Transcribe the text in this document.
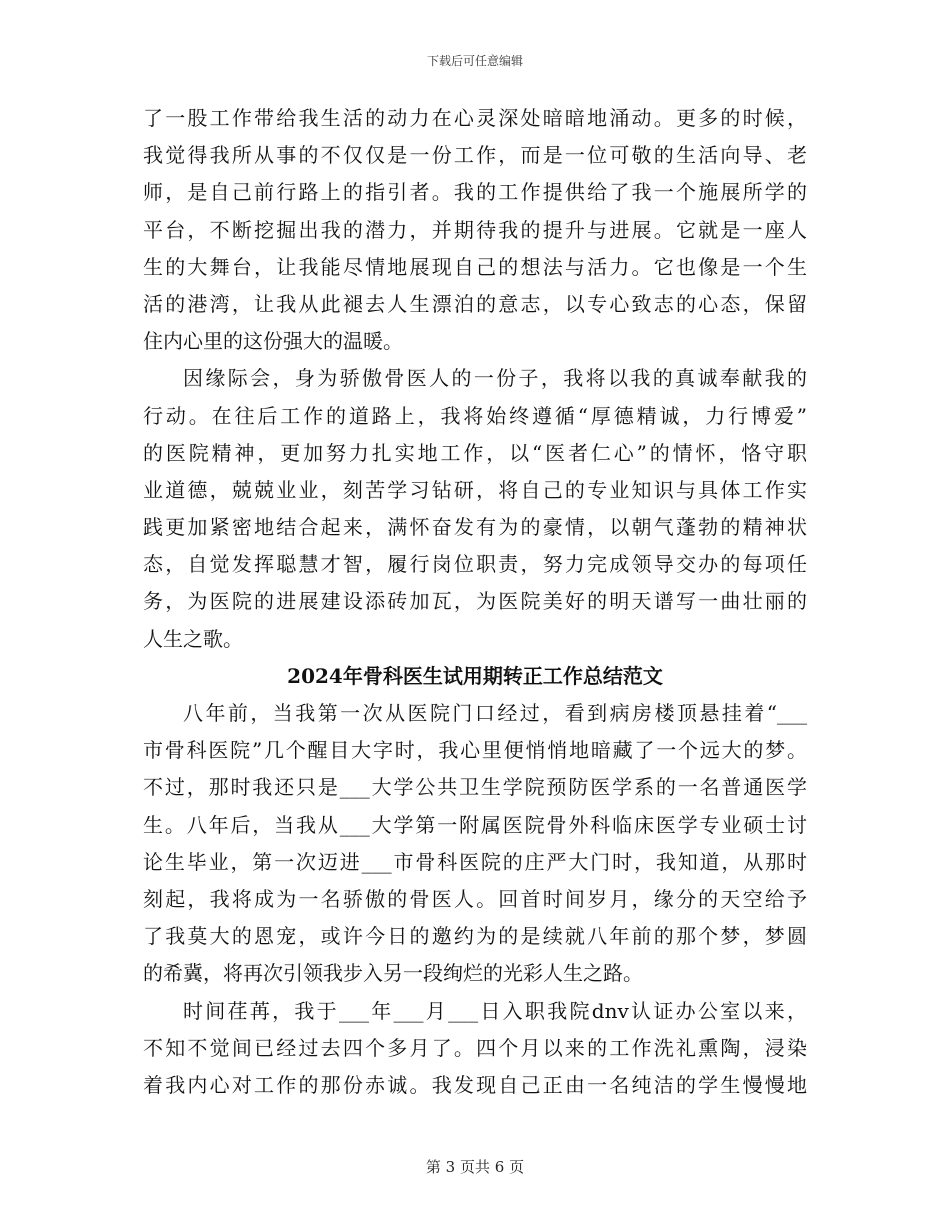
下载后可任意编辑
了一股工作带给我生活的动力在心灵深处暗暗地涌动。更多的时候，
我觉得我所从事的不仅仅是一份工作，而是一位可敬的生活向导、老
师，是自己前行路上的指引者。我的工作提供给了我一个施展所学的
平台，不断挖掘出我的潜力，并期待我的提升与进展。它就是一座人
生的大舞台，让我能尽情地展现自己的想法与活力。它也像是一个生
活的港湾，让我从此褪去人生漂泊的意志，以专心致志的心态，保留
住内心里的这份强大的温暖。
因缘际会，身为骄傲骨医人的一份子，我将以我的真诚奉献我的
行动。在往后工作的道路上，我将始终遵循“厚德精诚，力行博爱”
的医院精神，更加努力扎实地工作，以“医者仁心”的情怀，恪守职
业道德，兢兢业业，刻苦学习钻研，将自己的专业知识与具体工作实
践更加紧密地结合起来，满怀奋发有为的豪情，以朝气蓬勃的精神状
态，自觉发挥聪慧才智，履行岗位职责，努力完成领导交办的每项任
务，为医院的进展建设添砖加瓦，为医院美好的明天谱写一曲壮丽的
人生之歌。
2024年骨科医生试用期转正工作总结范文
八年前，当我第一次从医院门口经过，看到病房楼顶悬挂着“___
市骨科医院”几个醒目大字时，我心里便悄悄地暗藏了一个远大的梦。
不过，那时我还只是___大学公共卫生学院预防医学系的一名普通医学
生。八年后，当我从___大学第一附属医院骨外科临床医学专业硕士讨
论生毕业，第一次迈进___市骨科医院的庄严大门时，我知道，从那时
刻起，我将成为一名骄傲的骨医人。回首时间岁月，缘分的天空给予
了我莫大的恩宠，或许今日的邀约为的是续就八年前的那个梦，梦圆
的希冀，将再次引领我步入另一段绚烂的光彩人生之路。
时间荏苒，我于___年___月___日入职我院dnv认证办公室以来，
不知不觉间已经过去四个多月了。四个月以来的工作洗礼熏陶，浸染
着我内心对工作的那份赤诚。我发现自己正由一名纯洁的学生慢慢地
第 3 页共 6 页
